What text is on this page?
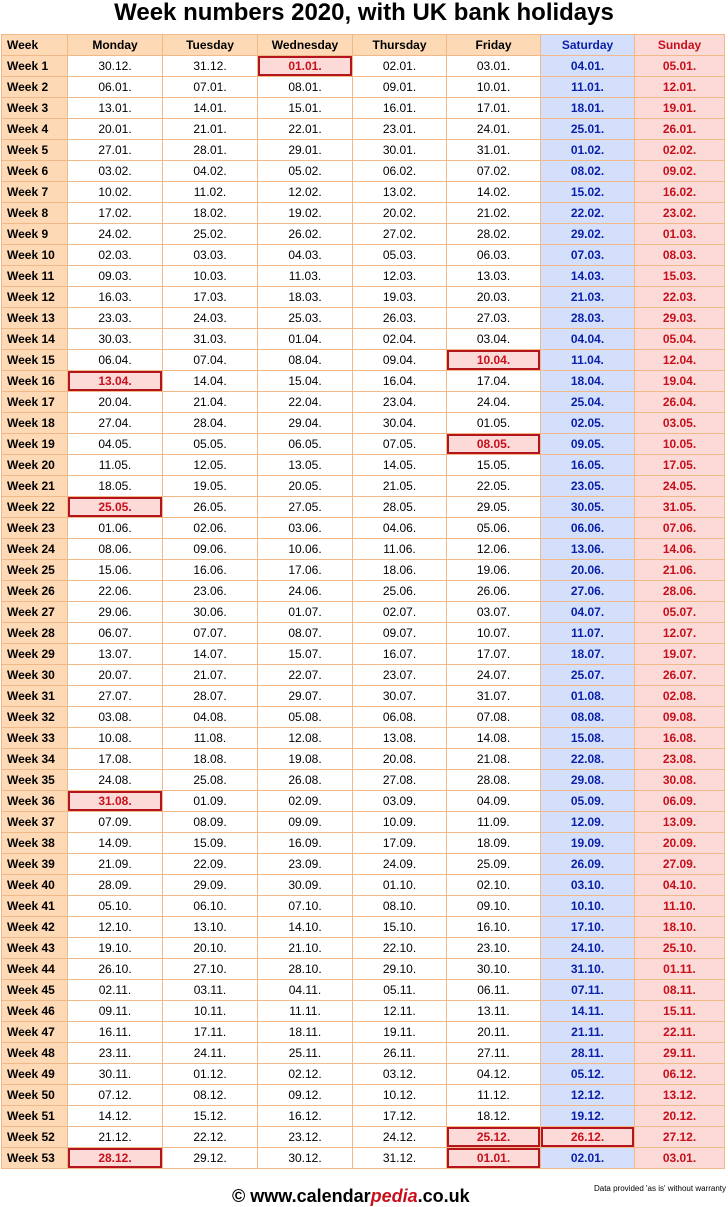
Week numbers 2020, with UK bank holidays
Week	Monday	Tuesday	Wednesday	Thursday	Friday	Saturday	Sunday
Week 1	30.12.	31.12.	01.01.	02.01.	03.01.	04.01.	05.01.
Week 2	06.01.	07.01.	08.01.	09.01.	10.01.	11.01.	12.01.
Week 3	13.01.	14.01.	15.01.	16.01.	17.01.	18.01.	19.01.
Week 4	20.01.	21.01.	22.01.	23.01.	24.01.	25.01.	26.01.
Week 5	27.01.	28.01.	29.01.	30.01.	31.01.	01.02.	02.02.
Week 6	03.02.	04.02.	05.02.	06.02.	07.02.	08.02.	09.02.
Week 7	10.02.	11.02.	12.02.	13.02.	14.02.	15.02.	16.02.
Week 8	17.02.	18.02.	19.02.	20.02.	21.02.	22.02.	23.02.
Week 9	24.02.	25.02.	26.02.	27.02.	28.02.	29.02.	01.03.
Week 10	02.03.	03.03.	04.03.	05.03.	06.03.	07.03.	08.03.
Week 11	09.03.	10.03.	11.03.	12.03.	13.03.	14.03.	15.03.
Week 12	16.03.	17.03.	18.03.	19.03.	20.03.	21.03.	22.03.
Week 13	23.03.	24.03.	25.03.	26.03.	27.03.	28.03.	29.03.
Week 14	30.03.	31.03.	01.04.	02.04.	03.04.	04.04.	05.04.
Week 15	06.04.	07.04.	08.04.	09.04.	10.04.	11.04.	12.04.
Week 16	13.04.	14.04.	15.04.	16.04.	17.04.	18.04.	19.04.
Week 17	20.04.	21.04.	22.04.	23.04.	24.04.	25.04.	26.04.
Week 18	27.04.	28.04.	29.04.	30.04.	01.05.	02.05.	03.05.
Week 19	04.05.	05.05.	06.05.	07.05.	08.05.	09.05.	10.05.
Week 20	11.05.	12.05.	13.05.	14.05.	15.05.	16.05.	17.05.
Week 21	18.05.	19.05.	20.05.	21.05.	22.05.	23.05.	24.05.
Week 22	25.05.	26.05.	27.05.	28.05.	29.05.	30.05.	31.05.
Week 23	01.06.	02.06.	03.06.	04.06.	05.06.	06.06.	07.06.
Week 24	08.06.	09.06.	10.06.	11.06.	12.06.	13.06.	14.06.
Week 25	15.06.	16.06.	17.06.	18.06.	19.06.	20.06.	21.06.
Week 26	22.06.	23.06.	24.06.	25.06.	26.06.	27.06.	28.06.
Week 27	29.06.	30.06.	01.07.	02.07.	03.07.	04.07.	05.07.
Week 28	06.07.	07.07.	08.07.	09.07.	10.07.	11.07.	12.07.
Week 29	13.07.	14.07.	15.07.	16.07.	17.07.	18.07.	19.07.
Week 30	20.07.	21.07.	22.07.	23.07.	24.07.	25.07.	26.07.
Week 31	27.07.	28.07.	29.07.	30.07.	31.07.	01.08.	02.08.
Week 32	03.08.	04.08.	05.08.	06.08.	07.08.	08.08.	09.08.
Week 33	10.08.	11.08.	12.08.	13.08.	14.08.	15.08.	16.08.
Week 34	17.08.	18.08.	19.08.	20.08.	21.08.	22.08.	23.08.
Week 35	24.08.	25.08.	26.08.	27.08.	28.08.	29.08.	30.08.
Week 36	31.08.	01.09.	02.09.	03.09.	04.09.	05.09.	06.09.
Week 37	07.09.	08.09.	09.09.	10.09.	11.09.	12.09.	13.09.
Week 38	14.09.	15.09.	16.09.	17.09.	18.09.	19.09.	20.09.
Week 39	21.09.	22.09.	23.09.	24.09.	25.09.	26.09.	27.09.
Week 40	28.09.	29.09.	30.09.	01.10.	02.10.	03.10.	04.10.
Week 41	05.10.	06.10.	07.10.	08.10.	09.10.	10.10.	11.10.
Week 42	12.10.	13.10.	14.10.	15.10.	16.10.	17.10.	18.10.
Week 43	19.10.	20.10.	21.10.	22.10.	23.10.	24.10.	25.10.
Week 44	26.10.	27.10.	28.10.	29.10.	30.10.	31.10.	01.11.
Week 45	02.11.	03.11.	04.11.	05.11.	06.11.	07.11.	08.11.
Week 46	09.11.	10.11.	11.11.	12.11.	13.11.	14.11.	15.11.
Week 47	16.11.	17.11.	18.11.	19.11.	20.11.	21.11.	22.11.
Week 48	23.11.	24.11.	25.11.	26.11.	27.11.	28.11.	29.11.
Week 49	30.11.	01.12.	02.12.	03.12.	04.12.	05.12.	06.12.
Week 50	07.12.	08.12.	09.12.	10.12.	11.12.	12.12.	13.12.
Week 51	14.12.	15.12.	16.12.	17.12.	18.12.	19.12.	20.12.
Week 52	21.12.	22.12.	23.12.	24.12.	25.12.	26.12.	27.12.
Week 53	28.12.	29.12.	30.12.	31.12.	01.01.	02.01.	03.01.
© www.calendarpedia.co.uk	Data provided 'as is' without warranty
